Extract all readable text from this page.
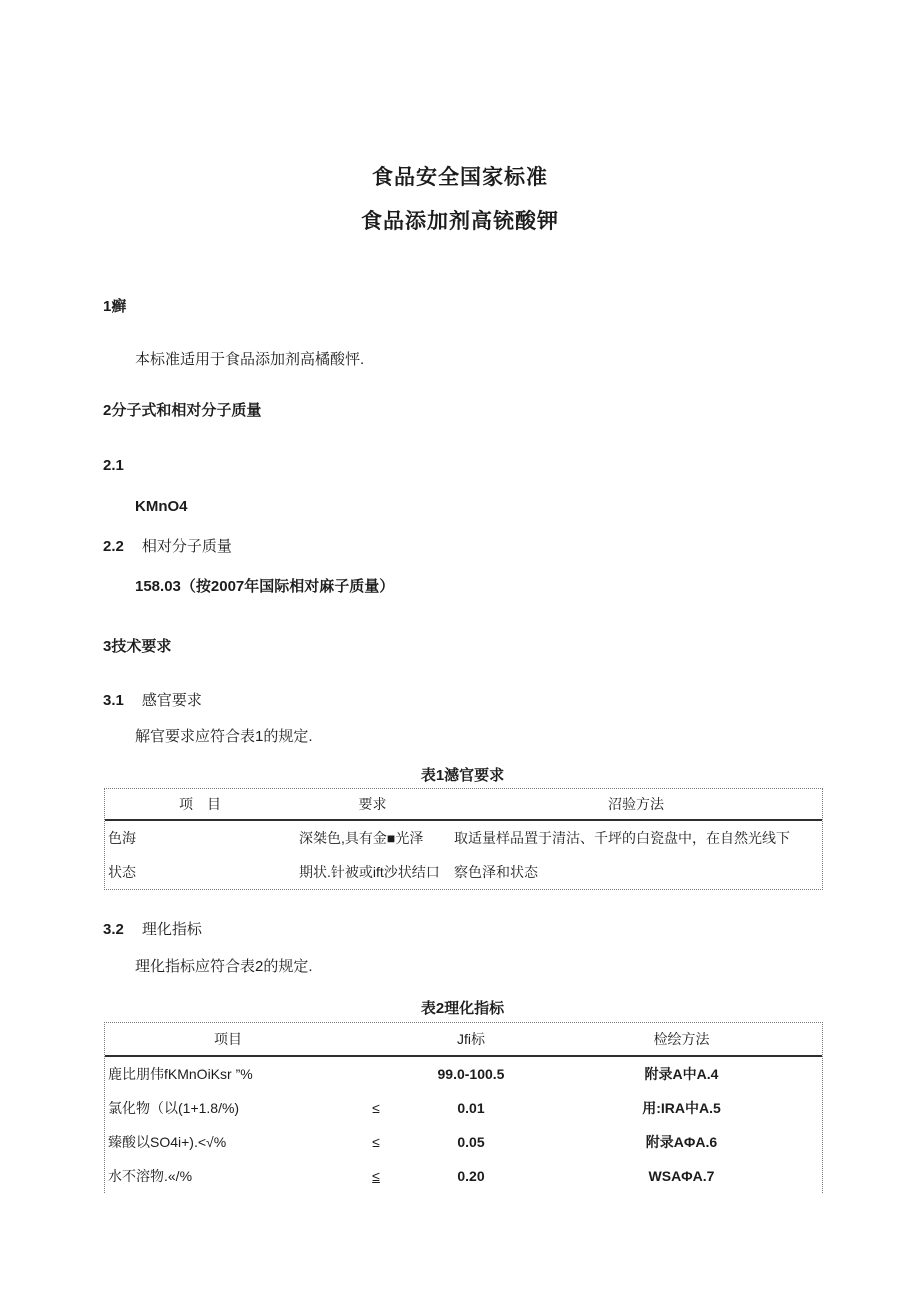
食品安全国家标准
食品添加剂高铳酸钾
1癣
本标准适用于食品添加剂高橘酸怦.
2分子式和相对分子质量
2.1
KMnO4
2.2 相对分子质量
158.03（按2007年国际相对麻子质量）
3技术要求
3.1 感官要求
解官要求应符合表1的规定.
表1澸官要求
项　目	要求	沼验方法
色海	深桀色,具有金■光泽	取适量样品置于清沽、千坪的白瓷盘中，在自然光线下
状态	期状.针被或ift沙状结口	察色泽和状态
3.2 理化指标
理化指标应符合表2的规定.
表2理化指标
项目		Jfi标	检绘方法
鹿比朋伟fKMnOiKsr ”%		99.0-100.5	附录A中A.4
氯化物（以(1+1.8/%)	≤	0.01	用:IRA中A.5
臻酸以SO4i+).<√%	≤	0.05	附录AΦA.6
水不溶物.«/%	≤	0.20	WSAΦA.7
